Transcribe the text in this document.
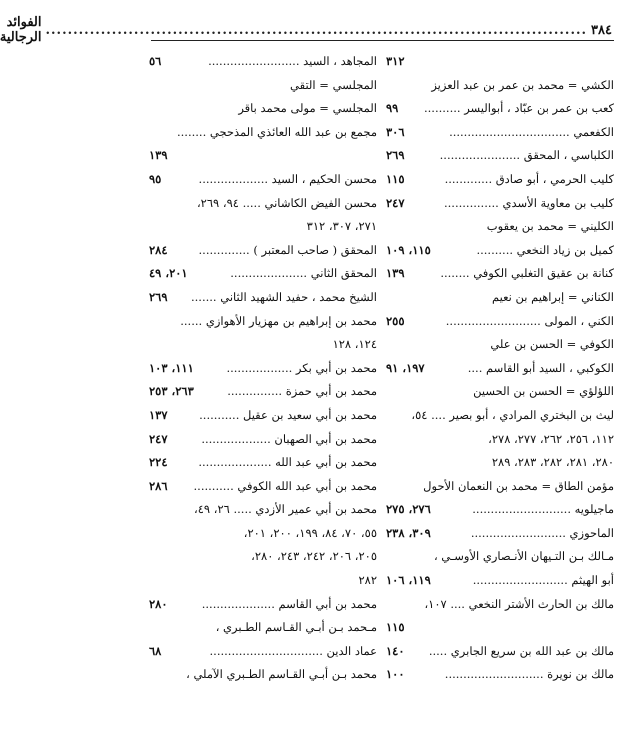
٣٨٤
..................................................................................................
الفوائد الرجالية
٣١٢
الكشي = محمد بن عمر بن عبد العزيز
كعب بن عمر بن عبّاد ، أبواليسر ..........
٩٩
الكفعمي .................................
٣٠٦
الكلباسي ، المحقق ......................
٢٦٩
كليب الحرمي ، أبو صادق .............
١١٥
كليب بن معاوية الأسدي ...............
٢٤٧
الكليني = محمد بن يعقوب
كميل بن زياد النخعي ..........
١١٥، ١٠٩
كنانة بن عقيق التغلبي الكوفي ........
١٣٩
الكناني = إبراهيم بن نعيم
الكني ، المولى ..........................
٢٥٥
الكوفي = الحسن بن علي
الكوكبي ، السيد أبو القاسم ....
١٩٧، ٩١
اللؤلؤي = الحسن بن الحسين
ليث بن البختري المرادي ، أبو بصير .... ٥٤،
١١٢، ٢٥٦، ٢٦٢، ٢٧٧، ٢٧٨،
٢٨٠، ٢٨١، ٢٨٢، ٢٨٣، ٢٨٩
مؤمن الطاق = محمد بن النعمان الأحول
ماجيلويه ...........................
٢٧٦، ٢٧٥
الماحوزي ..........................
٣٠٩، ٢٣٨
مـالك بـن التـيهان الأنـصاري الأوسـي ،
أبو الهيثم ..........................
١١٩، ١٠٦
مالك بن الحارث الأشتر النخعي .... ١٠٧،
١١٥
مالك بن عبد الله بن سريع الجابري .....
١٤٠
مالك بن نويرة ...........................
١٠٠
المجاهد ، السيد .........................
٥٦
المجلسي = التقي
المجلسي = مولى محمد باقر
مجمع بن عبد الله العائذي المذحجي ........
١٣٩
محسن الحكيم ، السيد ...................
٩٥
محسن الفيض الكاشاني ..... ٩٤، ٢٦٩،
٢٧١، ٣٠٧، ٣١٢
المحقق ( صاحب المعتبر ) ..............
٢٨٤
المحقق الثاني .....................
٢٠١، ٤٩
الشيخ محمد ، حفيد الشهيد الثاني .......
٢٦٩
محمد بن إبراهيم بن مهزيار الأهوازي ......
١٢٤، ١٢٨
محمد بن أبي بكر ..................
١١١، ١٠٣
محمد بن أبي حمزة ...............
٢٦٣، ٢٥٣
محمد بن أبي سعيد بن عقيل ...........
١٣٧
محمد بن أبي الصهبان ...................
٢٤٧
محمد بن أبي عبد الله ....................
٢٢٤
محمد بن أبي عبد الله الكوفي ...........
٢٨٦
محمد بن أبي عمير الأزدي ..... ٢٦، ٤٩،
٥٥، ٧٠، ٨٤، ١٩٩، ٢٠٠، ٢٠١،
٢٠٥، ٢٠٦، ٢٤٢، ٢٤٣، ٢٨٠،
٢٨٢
محمد بن أبي القاسم ....................
٢٨٠
مـحمد بـن أبـي القـاسم الطـبري ،
عماد الدين ...............................
٦٨
محمد بـن أبـي القـاسم الطـبري الآملي ،
